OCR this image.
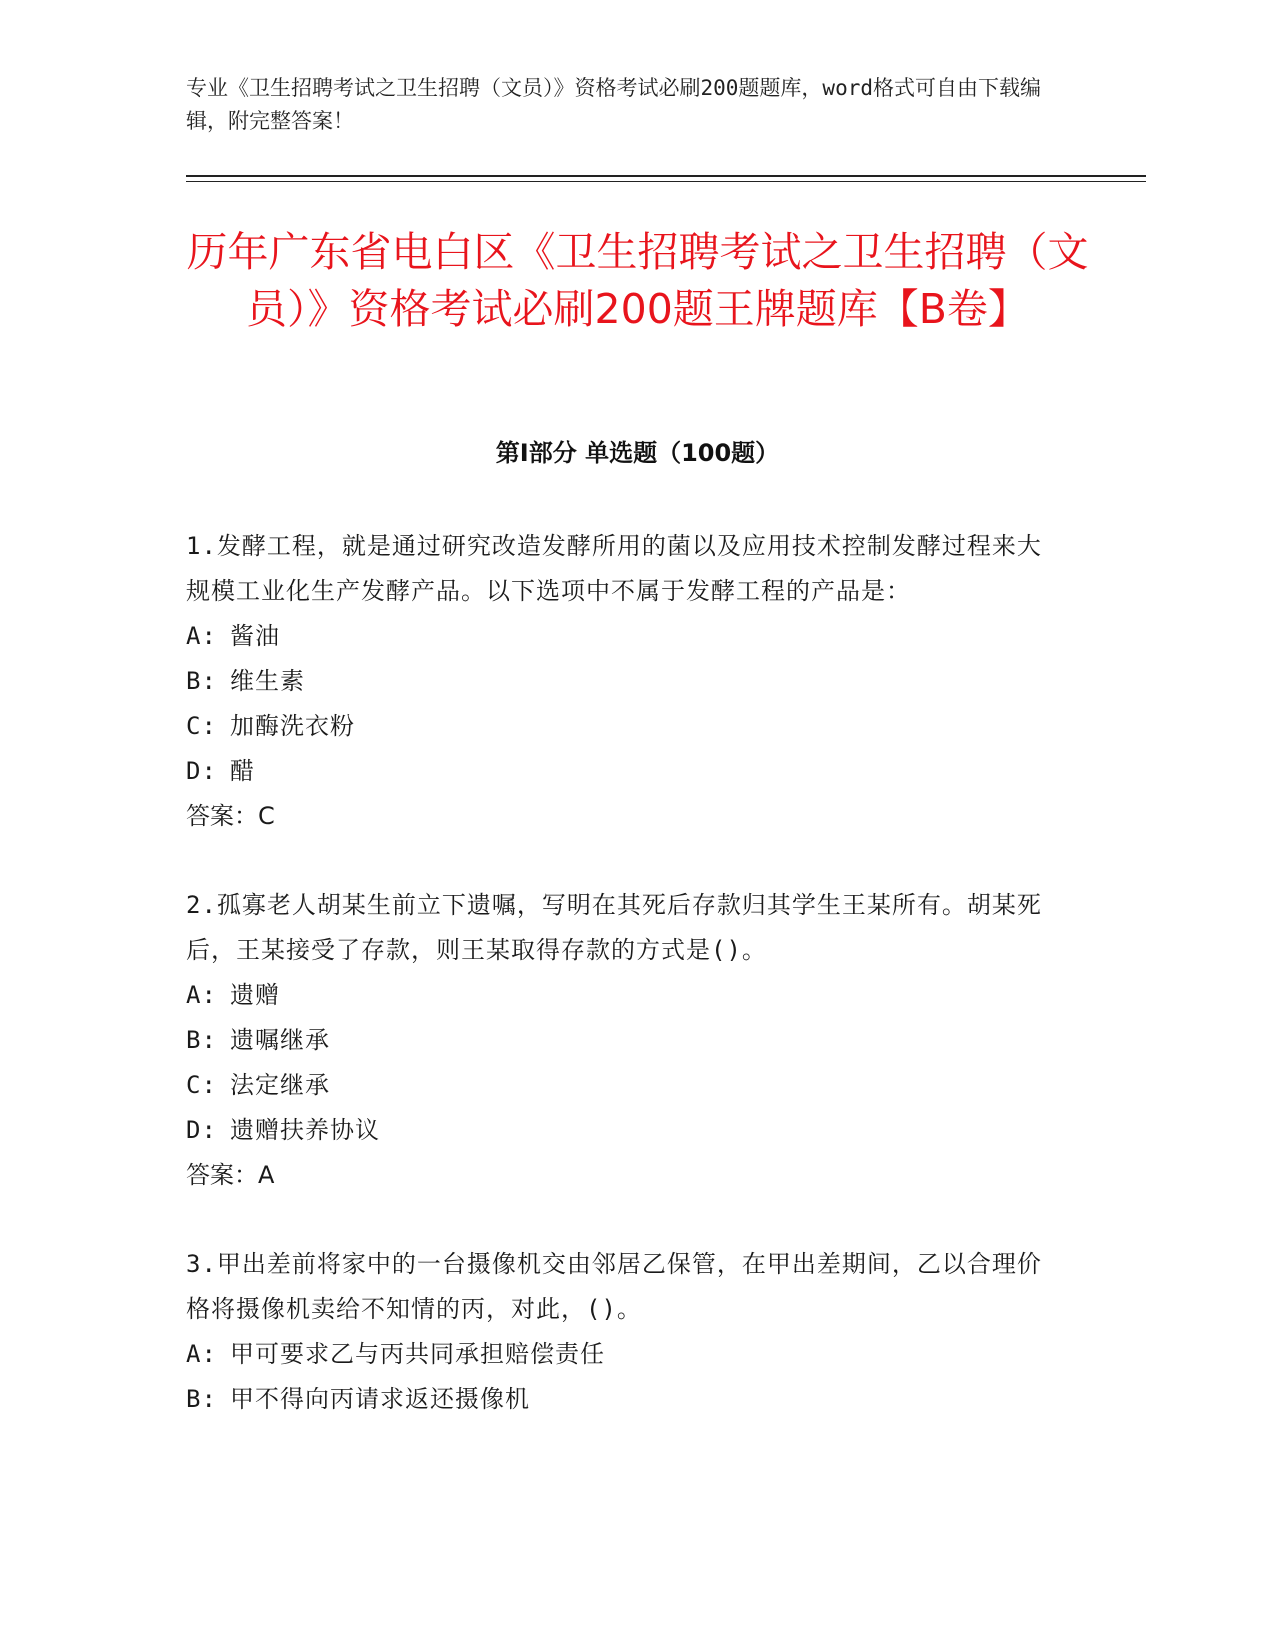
专业《卫生招聘考试之卫生招聘（文员）》资格考试必刷200题题库，word格式可自由下载编辑，附完整答案！
历年广东省电白区《卫生招聘考试之卫生招聘（文员）》资格考试必刷200题王牌题库【B卷】
第I部分 单选题（100题）
1.发酵工程，就是通过研究改造发酵所用的菌以及应用技术控制发酵过程来大规模工业化生产发酵产品。以下选项中不属于发酵工程的产品是：
A: 酱油
B: 维生素
C: 加酶洗衣粉
D: 醋
答案：C
2.孤寡老人胡某生前立下遗嘱，写明在其死后存款归其学生王某所有。胡某死后，王某接受了存款，则王某取得存款的方式是()。
A: 遗赠
B: 遗嘱继承
C: 法定继承
D: 遗赠扶养协议
答案：A
3.甲出差前将家中的一台摄像机交由邻居乙保管，在甲出差期间，乙以合理价格将摄像机卖给不知情的丙，对此，()。
A: 甲可要求乙与丙共同承担赔偿责任
B: 甲不得向丙请求返还摄像机
